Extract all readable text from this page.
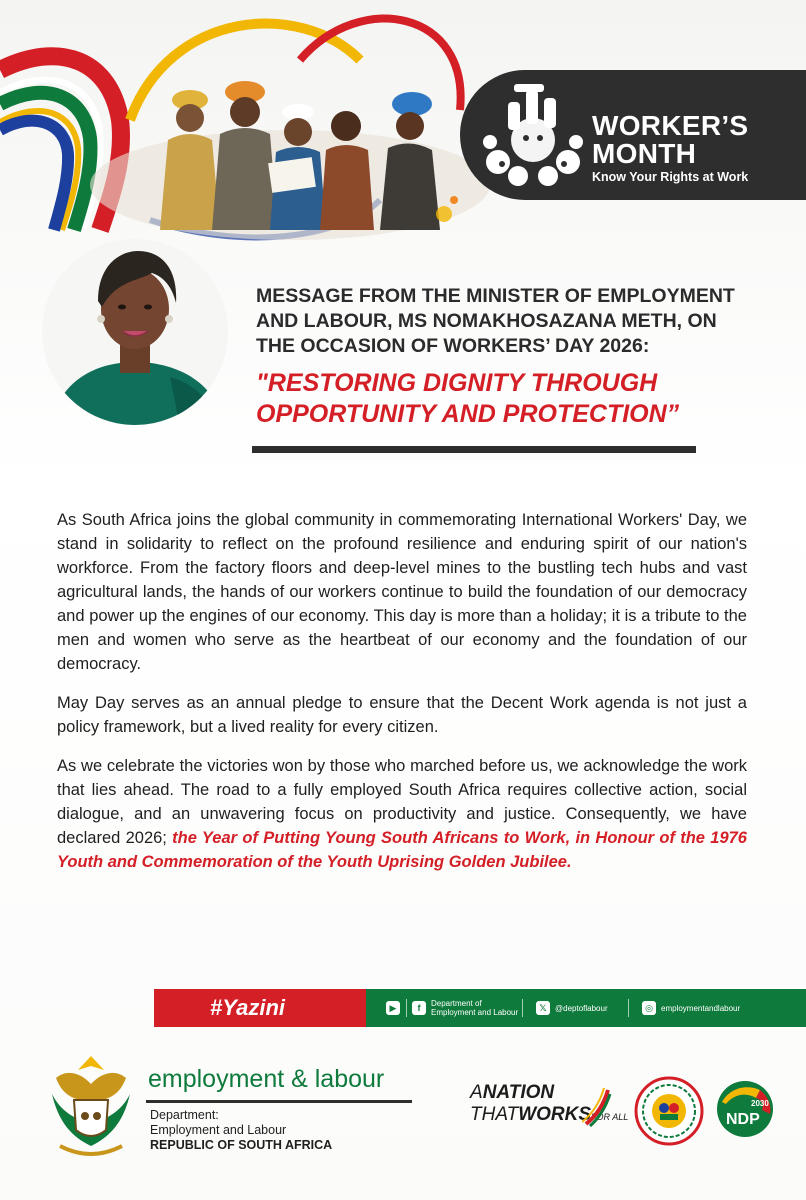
WORKER’S
MONTH
Know Your Rights at Work
MESSAGE FROM THE MINISTER OF EMPLOYMENT
AND LABOUR, MS NOMAKHOSAZANA METH, ON
THE OCCASION OF WORKERS’ DAY 2026:
"RESTORING DIGNITY THROUGH
OPPORTUNITY AND PROTECTION”

As South Africa joins the global community in commemorating International Workers' Day, we stand in solidarity to reflect on the profound resilience and enduring spirit of our nation's workforce. From the factory floors and deep-level mines to the bustling tech hubs and vast agricultural lands, the hands of our workers continue to build the foundation of our democracy and power up the engines of our economy. This day is more than a holiday; it is a tribute to the men and women who serve as the heartbeat of our economy and the foundation of our democracy.

May Day serves as an annual pledge to ensure that the Decent Work agenda is not just a policy framework, but a lived reality for every citizen.

As we celebrate the victories won by those who marched before us, we acknowledge the work that lies ahead. The road to a fully employed South Africa requires collective action, social dialogue, and an unwavering focus on productivity and justice. Consequently, we have declared 2026; the Year of Putting Young South Africans to Work, in Honour of the 1976 Youth and Commemoration of the Youth Uprising Golden Jubilee.

#Yazini	▶	f	Department of
Employment and Labour	𝕏	@deptoflabour	◎	employmentandlabour
employment & labour
Department:
Employment and Labour
REPUBLIC OF SOUTH AFRICA
ANATION
THATWORKSFOR ALL
2030
NDP
